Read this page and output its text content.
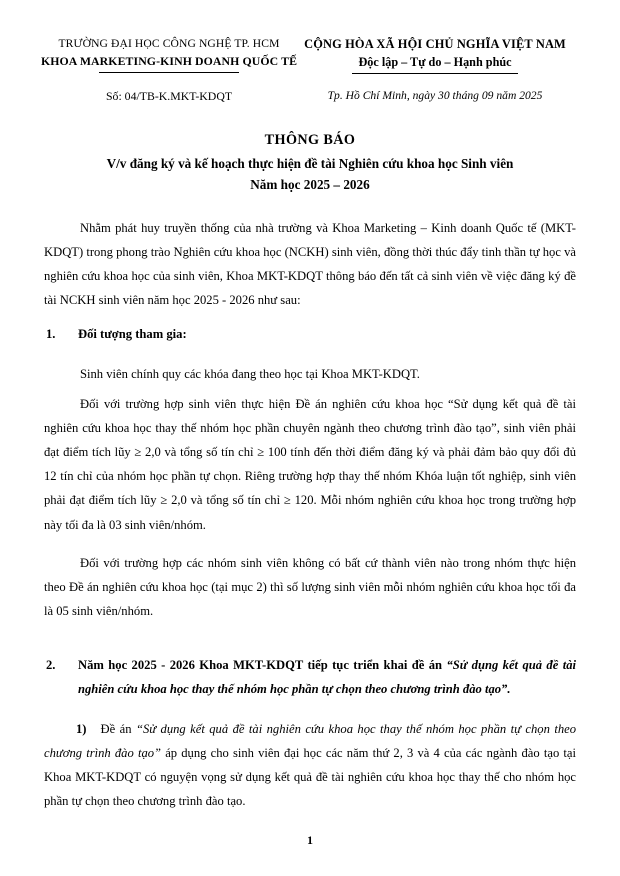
TRƯỜNG ĐẠI HỌC CÔNG NGHỆ TP. HCM
KHOA MARKETING-KINH DOANH QUỐC TẾ
CỘNG HÒA XÃ HỘI CHỦ NGHĨA VIỆT NAM
Độc lập – Tự do – Hạnh phúc
Số: 04/TB-K.MKT-KDQT	Tp. Hồ Chí Minh, ngày 30 tháng 09 năm 2025
THÔNG BÁO
V/v đăng ký và kế hoạch thực hiện đề tài Nghiên cứu khoa học Sinh viên
Năm học 2025 – 2026

Nhằm phát huy truyền thống của nhà trường và Khoa Marketing – Kinh doanh Quốc tế (MKT-KDQT) trong phong trào Nghiên cứu khoa học (NCKH) sinh viên, đồng thời thúc đẩy tinh thần tự học và nghiên cứu khoa học của sinh viên, Khoa MKT-KDQT thông báo đến tất cả sinh viên về việc đăng ký đề tài NCKH sinh viên năm học 2025 - 2026 như sau:

1.	Đối tượng tham gia:
Sinh viên chính quy các khóa đang theo học tại Khoa MKT-KDQT.

Đối với trường hợp sinh viên thực hiện Đề án nghiên cứu khoa học “Sử dụng kết quả đề tài nghiên cứu khoa học thay thế nhóm học phần chuyên ngành theo chương trình đào tạo”, sinh viên phải đạt điểm tích lũy ≥ 2,0 và tổng số tín chỉ ≥ 100 tính đến thời điểm đăng ký và phải đảm bảo quy đổi đủ 12 tín chỉ của nhóm học phần tự chọn. Riêng trường hợp thay thế nhóm Khóa luận tốt nghiệp, sinh viên phải đạt điểm tích lũy ≥ 2,0 và tổng số tín chỉ ≥ 120. Mỗi nhóm nghiên cứu khoa học trong trường hợp này tối đa là 03 sinh viên/nhóm.

Đối với trường hợp các nhóm sinh viên không có bất cứ thành viên nào trong nhóm thực hiện theo Đề án nghiên cứu khoa học (tại mục 2) thì số lượng sinh viên mỗi nhóm nghiên cứu khoa học tối đa là 05 sinh viên/nhóm.

2.	Năm học 2025 - 2026 Khoa MKT-KDQT tiếp tục triển khai đề án “Sử dụng kết quả đề tài nghiên cứu khoa học thay thế nhóm học phần tự chọn theo chương trình đào tạo”.
1) Đề án “Sử dụng kết quả đề tài nghiên cứu khoa học thay thế nhóm học phần tự chọn theo chương trình đào tạo” áp dụng cho sinh viên đại học các năm thứ 2, 3 và 4 của các ngành đào tạo tại Khoa MKT-KDQT có nguyện vọng sử dụng kết quả đề tài nghiên cứu khoa học thay thế cho nhóm học phần tự chọn theo chương trình đào tạo.
1
